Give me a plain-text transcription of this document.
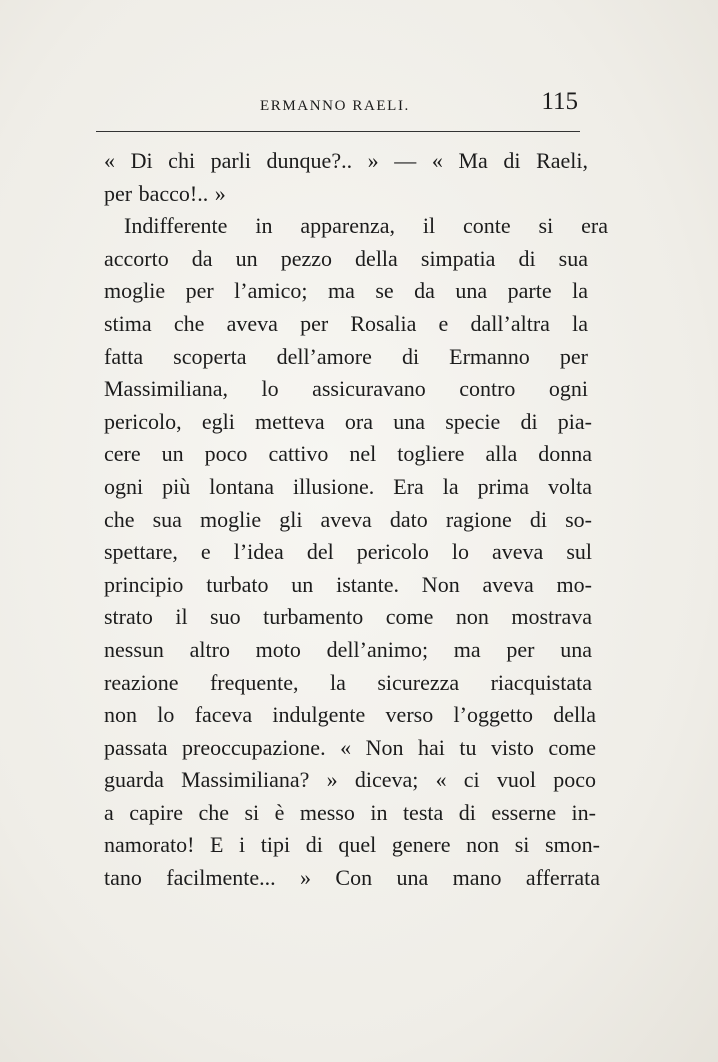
ERMANNO RAELI.	115
« Di chi parli dunque?.. » — « Ma di Raeli,
per bacco!.. »
Indifferente in apparenza, il conte si era
accorto da un pezzo della simpatia di sua
moglie per l’amico; ma se da una parte la
stima che aveva per Rosalia e dall’altra la
fatta scoperta dell’amore di Ermanno per
Massimiliana, lo assicuravano contro ogni
pericolo, egli metteva ora una specie di pia-
cere un poco cattivo nel togliere alla donna
ogni più lontana illusione. Era la prima volta
che sua moglie gli aveva dato ragione di so-
spettare, e l’idea del pericolo lo aveva sul
principio turbato un istante. Non aveva mo-
strato il suo turbamento come non mostrava
nessun altro moto dell’animo; ma per una
reazione frequente, la sicurezza riacquistata
non lo faceva indulgente verso l’oggetto della
passata preoccupazione. « Non hai tu visto come
guarda Massimiliana? » diceva; « ci vuol poco
a capire che si è messo in testa di esserne in-
namorato! E i tipi di quel genere non si smon-
tano facilmente... » Con una mano afferrata
